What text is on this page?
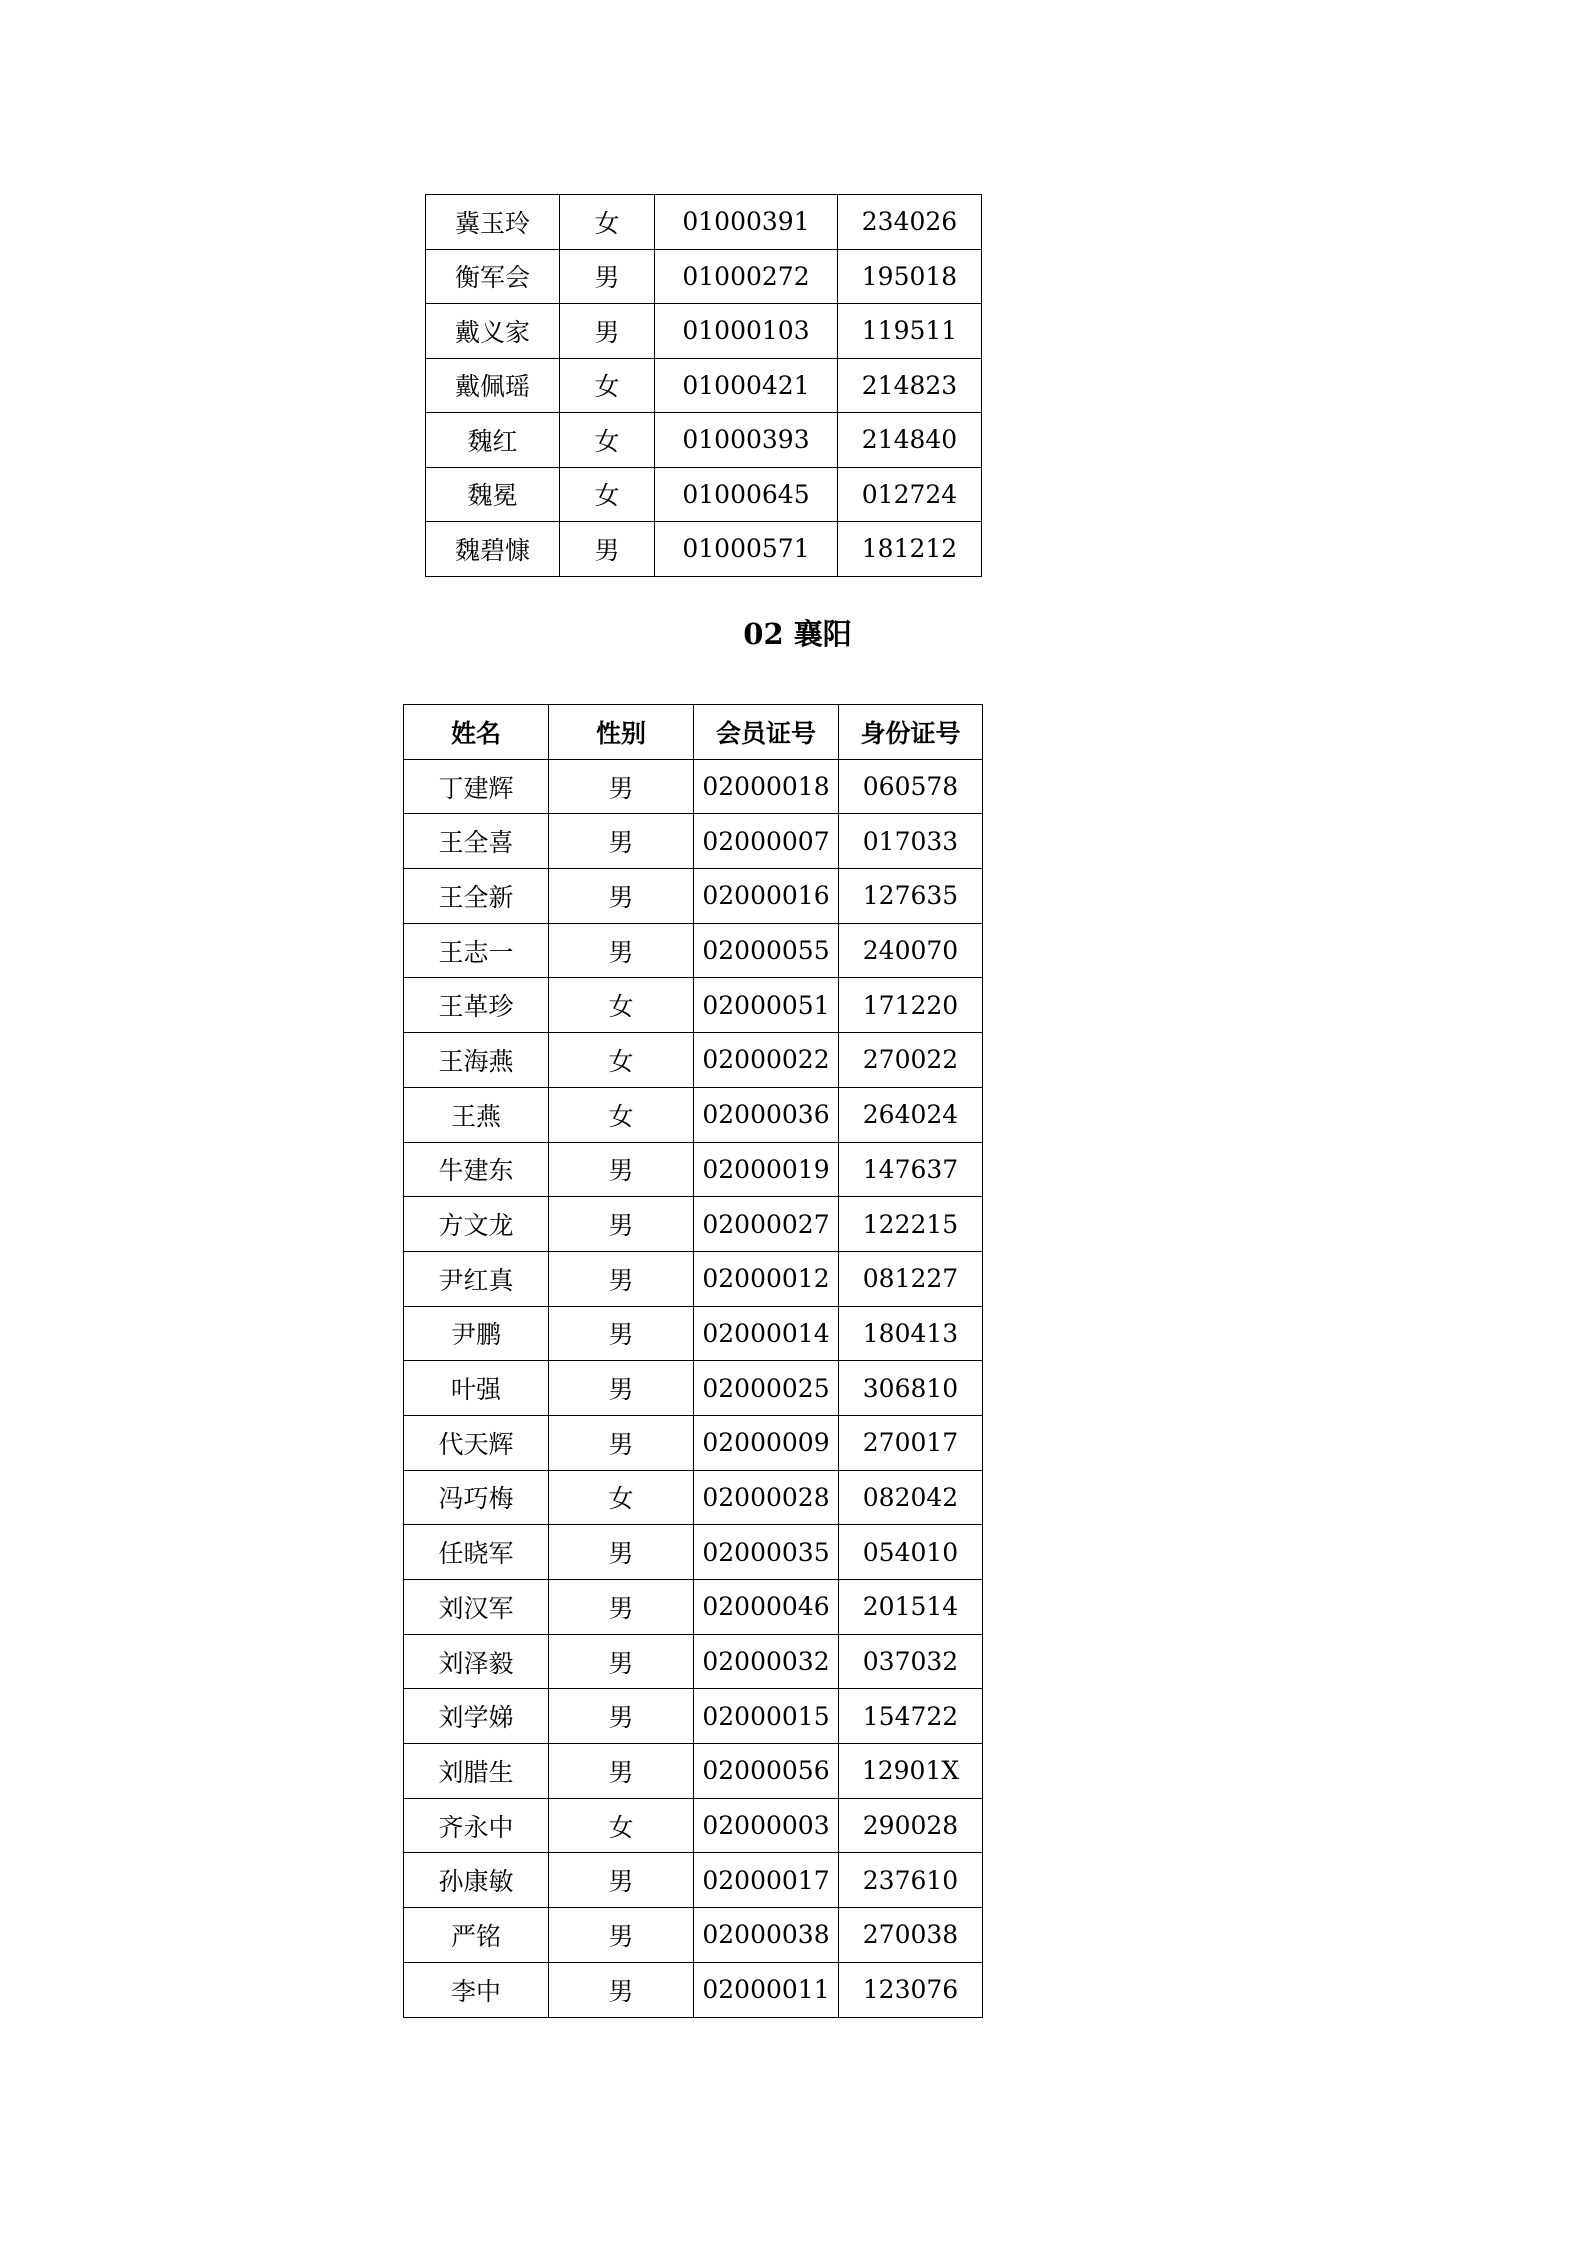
冀玉玲	女	01000391	234026
衡军会	男	01000272	195018
戴义家	男	01000103	119511
戴佩瑶	女	01000421	214823
魏红	女	01000393	214840
魏冕	女	01000645	012724
魏碧慷	男	01000571	181212
02 襄阳
姓名	性别	会员证号	身份证号
丁建辉	男	02000018	060578
王全喜	男	02000007	017033
王全新	男	02000016	127635
王志一	男	02000055	240070
王革珍	女	02000051	171220
王海燕	女	02000022	270022
王燕	女	02000036	264024
牛建东	男	02000019	147637
方文龙	男	02000027	122215
尹红真	男	02000012	081227
尹鹏	男	02000014	180413
叶强	男	02000025	306810
代天辉	男	02000009	270017
冯巧梅	女	02000028	082042
任晓军	男	02000035	054010
刘汉军	男	02000046	201514
刘泽毅	男	02000032	037032
刘学娣	男	02000015	154722
刘腊生	男	02000056	12901X
齐永中	女	02000003	290028
孙康敏	男	02000017	237610
严铭	男	02000038	270038
李中	男	02000011	123076
